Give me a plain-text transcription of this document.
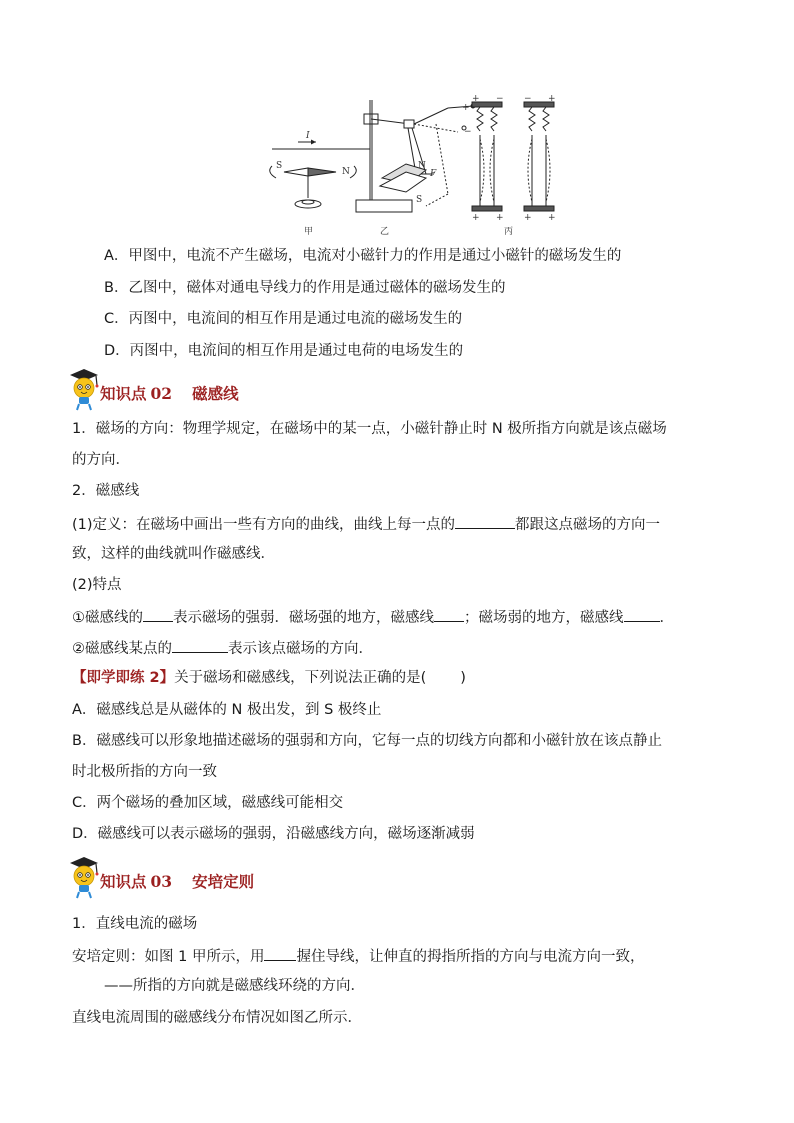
I
S
N
甲
N
S
F
+
−
乙
+ − − +
+ + + +
丙
A．甲图中，电流不产生磁场，电流对小磁针力的作用是通过小磁针的磁场发生的
B．乙图中，磁体对通电导线力的作用是通过磁体的磁场发生的
C．丙图中，电流间的相互作用是通过电流的磁场发生的
D．丙图中，电流间的相互作用是通过电荷的电场发生的
知识点 02 磁感线
1．磁场的方向：物理学规定，在磁场中的某一点，小磁针静止时 N 极所指方向就是该点磁场
的方向．
2．磁感线
(1)定义：在磁场中画出一些有方向的曲线，曲线上每一点的	都跟这点磁场的方向一
致，这样的曲线就叫作磁感线．
(2)特点
①磁感线的 表示磁场的强弱．磁场强的地方，磁感线 ；磁场弱的地方，磁感线 ．
②磁感线某点的	表示该点磁场的方向．
【即学即练 2】关于磁场和磁感线，下列说法正确的是( )
A．磁感线总是从磁体的 N 极出发，到 S 极终止
B．磁感线可以形象地描述磁场的强弱和方向，它每一点的切线方向都和小磁针放在该点静止
时北极所指的方向一致
C．两个磁场的叠加区域，磁感线可能相交
D．磁感线可以表示磁场的强弱，沿磁感线方向，磁场逐渐减弱
知识点 03 安培定则
1．直线电流的磁场
安培定则：如图 1 甲所示，用 握住导线，让伸直的拇指所指的方向与电流方向一致，
——所指的方向就是磁感线环绕的方向．
直线电流周围的磁感线分布情况如图乙所示．
